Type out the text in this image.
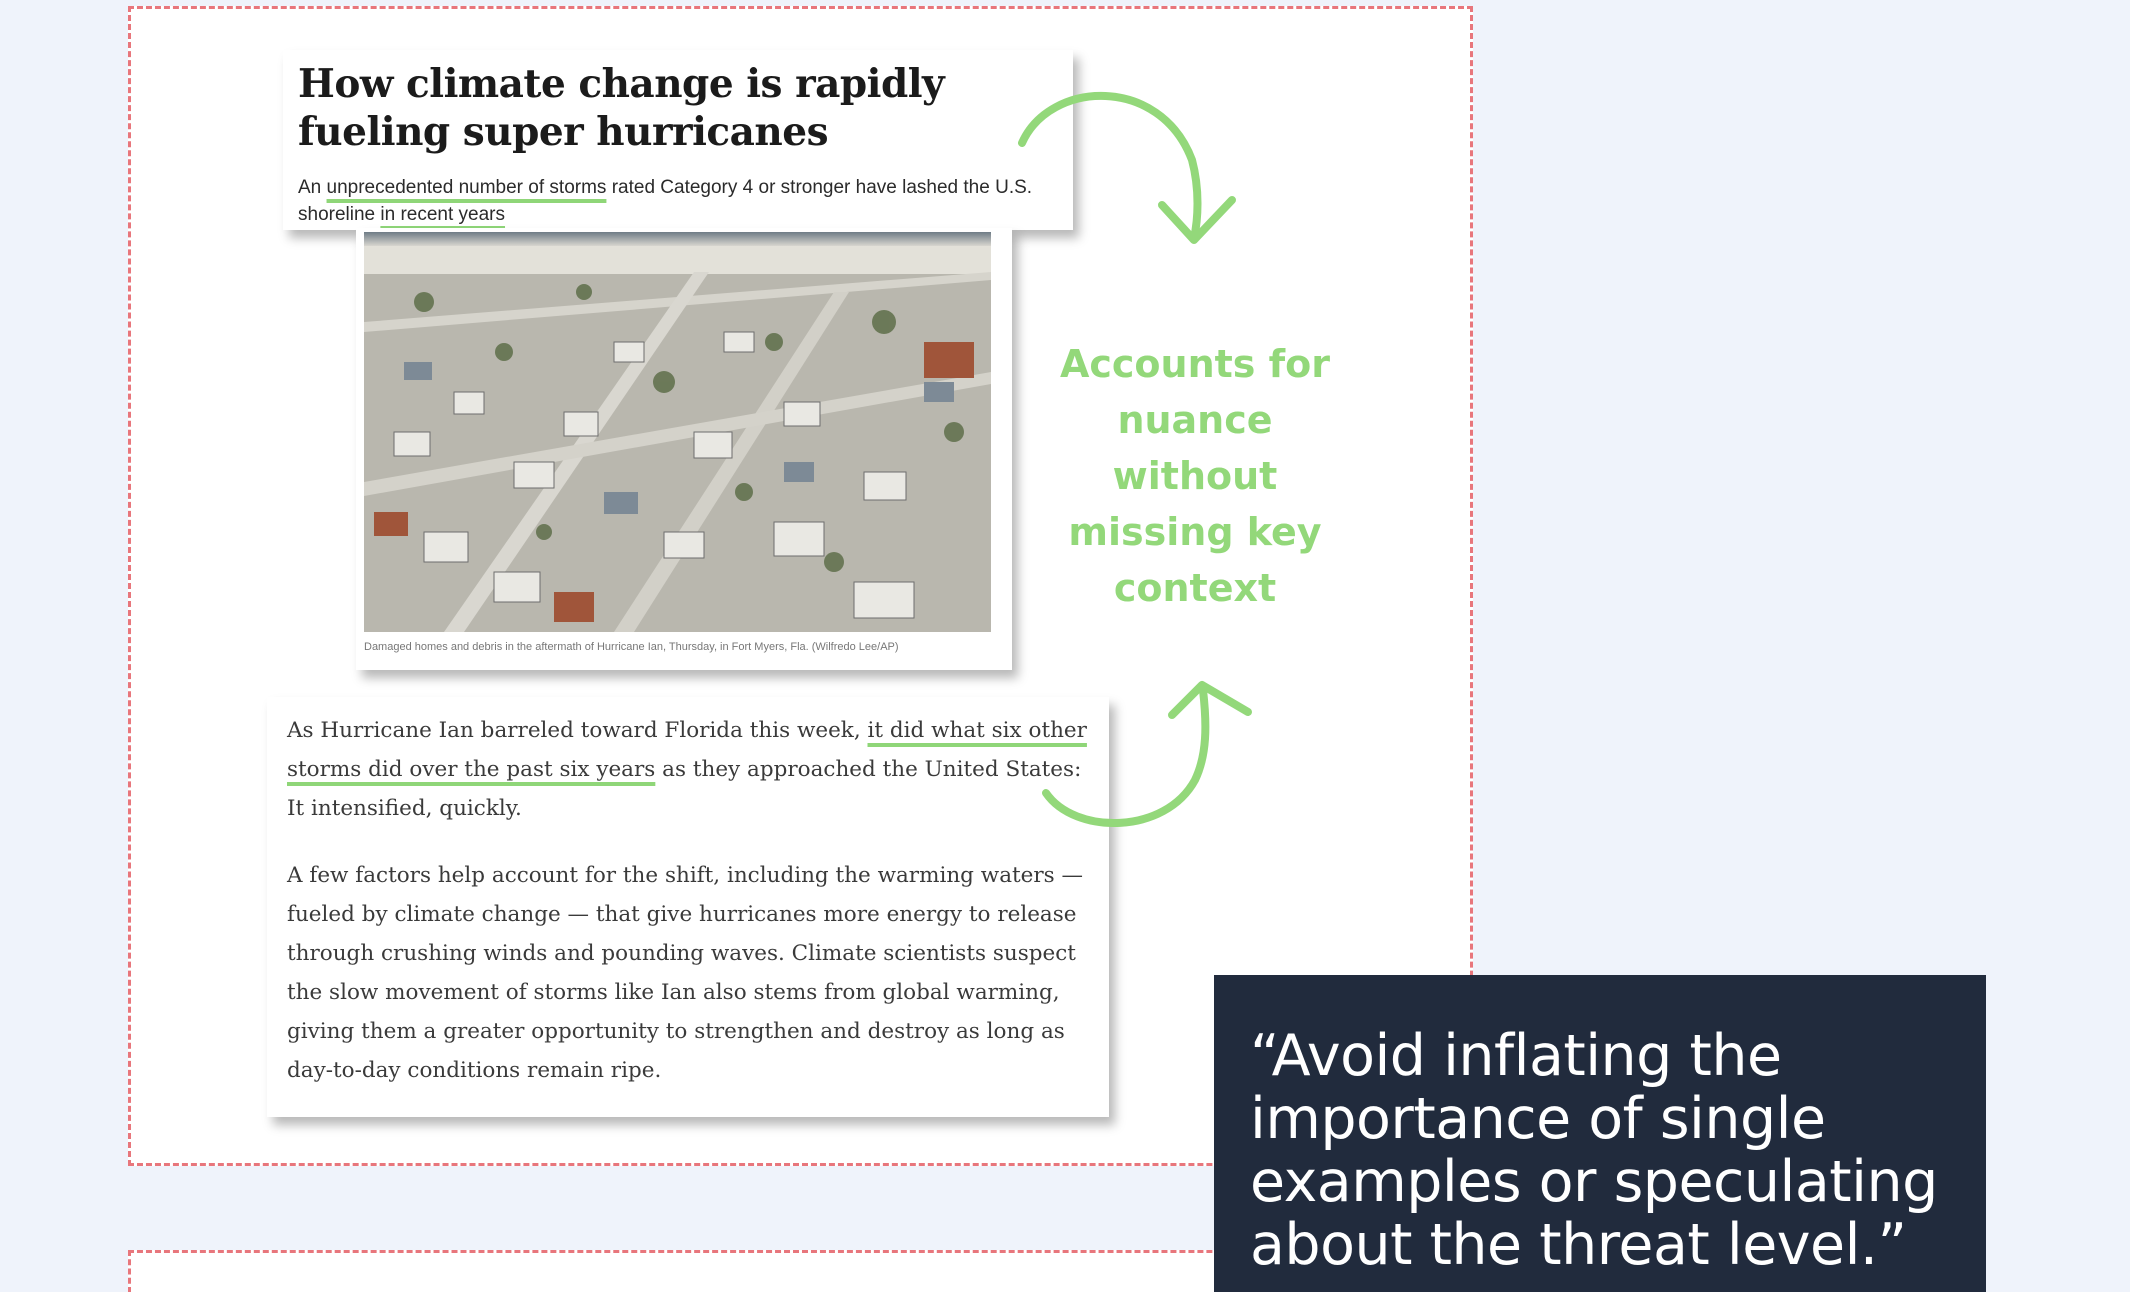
How climate change is rapidly fueling super hurricanes
An unprecedented number of storms rated Category 4 or stronger have lashed the U.S. shoreline in recent years
Damaged homes and debris in the aftermath of Hurricane Ian, Thursday, in Fort Myers, Fla. (Wilfredo Lee/AP)

As Hurricane Ian barreled toward Florida this week, it did what six other storms did over the past six years as they approached the United States: It intensified, quickly.

A few factors help account for the shift, including the warming waters — fueled by climate change — that give hurricanes more energy to release through crushing winds and pounding waves. Climate scientists suspect the slow movement of storms like Ian also stems from global warming, giving them a greater opportunity to strengthen and destroy as long as day-to-day conditions remain ripe.

Accounts for nuance without missing key context
“Avoid inflating the importance of single examples or speculating about the threat level.”
